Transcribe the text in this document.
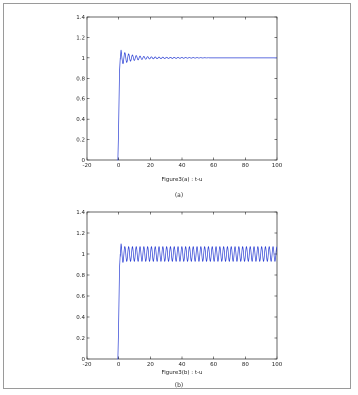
-20	0	20	40	60	80	100
0
0.2
0.4
0.6
0.8
1
1.2
1.4
Figure3(a) : t-u
(a)
-20	0	20	40	60	80	100
0
0.2
0.4
0.6
0.8
1
1.2
1.4
Figure3(b) : t-u
(b)
